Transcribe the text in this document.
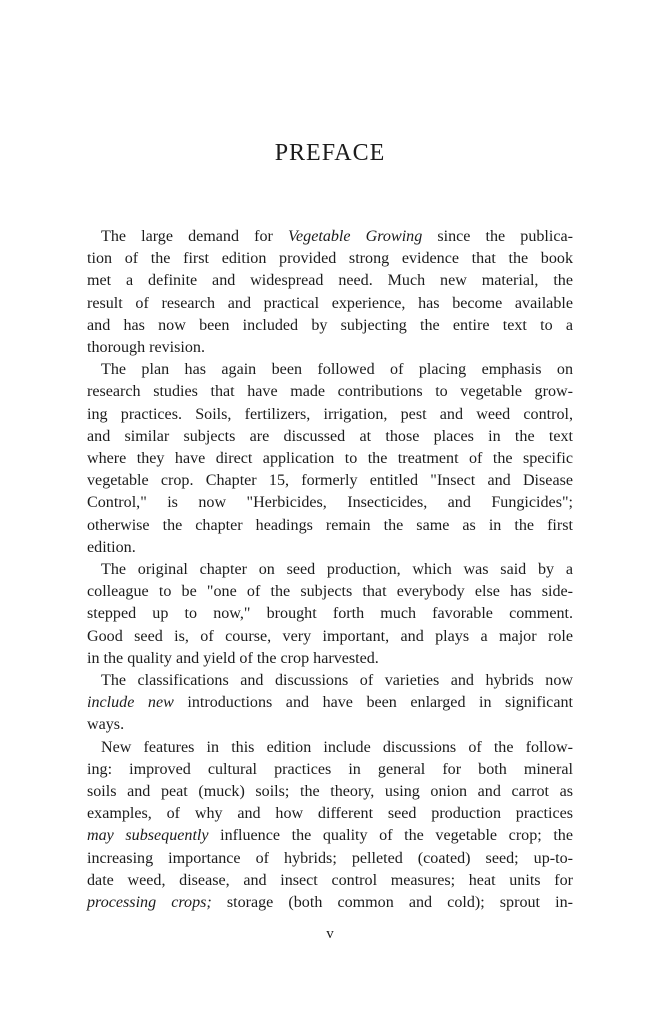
PREFACE

The large demand for Vegetable Growing since the publica-
tion of the first edition provided strong evidence that the book
met a definite and widespread need. Much new material, the
result of research and practical experience, has become available
and has now been included by subjecting the entire text to a
thorough revision.

The plan has again been followed of placing emphasis on
research studies that have made contributions to vegetable grow-
ing practices. Soils, fertilizers, irrigation, pest and weed control,
and similar subjects are discussed at those places in the text
where they have direct application to the treatment of the specific
vegetable crop. Chapter 15, formerly entitled "Insect and Disease
Control," is now "Herbicides, Insecticides, and Fungicides";
otherwise the chapter headings remain the same as in the first
edition.

The original chapter on seed production, which was said by a
colleague to be "one of the subjects that everybody else has side-
stepped up to now," brought forth much favorable comment.
Good seed is, of course, very important, and plays a major role
in the quality and yield of the crop harvested.

The classifications and discussions of varieties and hybrids now
include new introductions and have been enlarged in significant
ways.

New features in this edition include discussions of the follow-
ing: improved cultural practices in general for both mineral
soils and peat (muck) soils; the theory, using onion and carrot as
examples, of why and how different seed production practices
may subsequently influence the quality of the vegetable crop; the
increasing importance of hybrids; pelleted (coated) seed; up-to-
date weed, disease, and insect control measures; heat units for
processing crops; storage (both common and cold); sprout in-

v
